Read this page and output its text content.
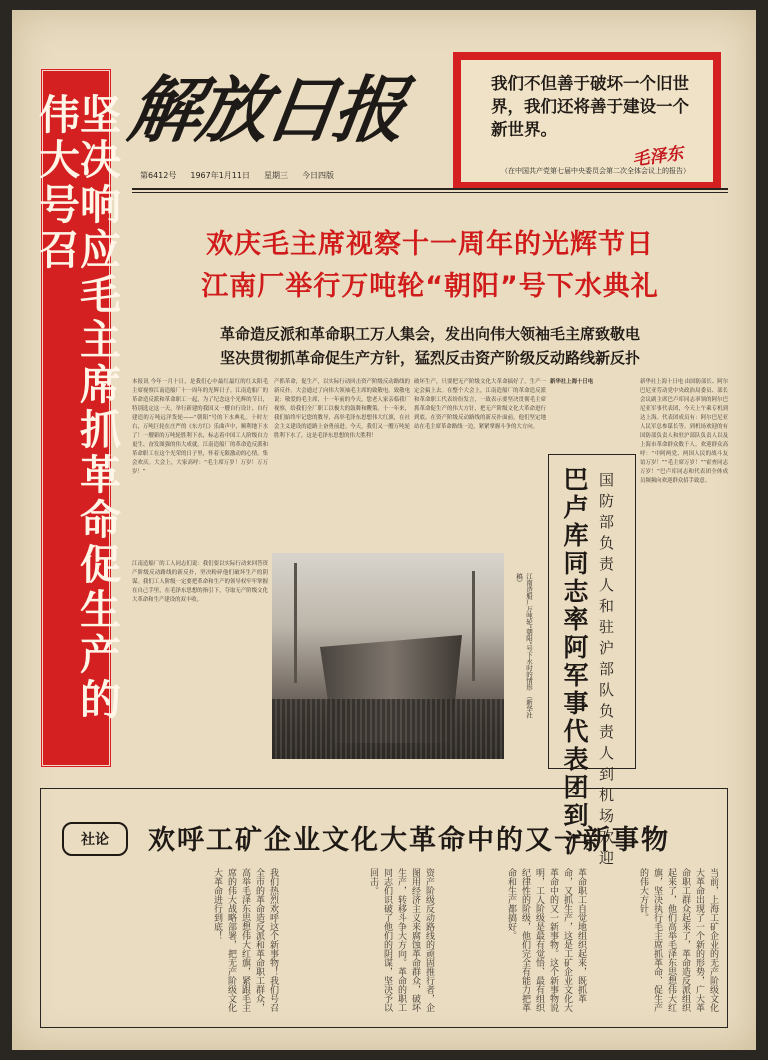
坚决响应毛主席抓革命促生产的伟大号召 解放日报
第6412号 1967年1月11日 星期三 今日四版
我们不但善于破坏一个旧世界，我们还将善于建设一个新世界。
毛泽东
（在中国共产党第七届中央委员会第二次全体会议上的报告）
欢庆毛主席视察十一周年的光辉节日
江南厂举行万吨轮“朝阳”号下水典礼
革命造反派和革命职工万人集会，发出向伟大领袖毛主席致敬电
坚决贯彻抓革命促生产方针，猛烈反击资产阶级反动路线新反扑
本报讯 今年一月十日，是我们心中最红最红的红太阳毛主席视察江南造船厂十一周年的光辉日子。江南造船厂的革命造反派和革命职工一起，为了纪念这个光辉的节日，特别选定这一天，举行新建的我国又一艘自行设计、自行建造的万吨远洋货轮——“朝阳”号的下水典礼。十时左右，万吨巨轮在庄严的《东方红》乐曲声中，顺利地下水了！一艘新的万吨轮胜利下水，标志着中国工人阶级自力更生、奋发图强的伟大成就。江南造船厂的革命造反派和革命职工在这个光荣的日子里，怀着无限激动的心情，集会欢庆。大会上，大家高呼：“毛主席万岁！万岁！万万岁！”
产抓革命，促生产，以实际行动回击资产阶级反动路线的新反扑。大会通过了向伟大领袖毛主席的致敬电。致敬电说：敬爱的毛主席，十一年前的今天，您老人家亲临我厂视察，给我们全厂职工以极大的鼓舞和鞭策。十一年来，我们始终牢记您的教导，高举毛泽东思想伟大红旗，在社会主义建设的道路上奋勇前进。今天，我们又一艘万吨轮胜利下水了，这是毛泽东思想的伟大胜利！
破坏生产，只要把无产阶级文化大革命搞好了，生产一定会搞上去。在整个大会上，江南造船厂的革命造反派和革命职工代表纷纷发言，一致表示要坚决贯彻毛主席抓革命促生产的伟大方针，把无产阶级文化大革命进行到底。在资产阶级反动路线的新反扑面前，他们坚定地站在毛主席革命路线一边，紧紧掌握斗争的大方向。
江南造船厂的工人同志们说：我们要以实际行动来回答资产阶级反动路线的新反扑，坚决粉碎他们破坏生产的阴谋。我们工人阶级一定要把革命和生产的领导权牢牢掌握在自己手里，在毛泽东思想的指引下，夺取无产阶级文化大革命和生产建设的双丰收。	江南造船厂万吨轮“朝阳”号下水时的情形 （新华社稿）	巴卢库同志率阿军事代表团到沪 国防部负责人和驻沪部队负责人到机场欢迎
新华社上海十日电 由国防部长、阿尔巴尼亚劳动党中央政治局委员、部长会议副主席巴卢库同志率领的阿尔巴尼亚军事代表团，今天上午乘专机到达上海。代表团成员有：阿尔巴尼亚人民军总参谋长等。到机场欢迎的有国防部负责人和驻沪部队负责人以及上海市革命群众数千人。欢迎群众高呼：“中阿两党、两国人民的战斗友谊万岁！”“毛主席万岁！”“霍查同志万岁！”巴卢库同志和代表团全体成员频频向欢迎群众招手致意。
新华社上海十日电
社论	欢呼工矿企业文化大革命中的又一新事物
当前，上海工矿企业的无产阶级文化大革命出现了一个新的形势，广大革命职工群众起来了，革命造反派组织起来了，他们高举毛泽东思想伟大红旗，坚决执行毛主席抓革命、促生产的伟大方针。
革命职工自觉地组织起来，既抓革命，又抓生产，这是工矿企业文化大革命中的又一新事物。这个新事物说明，工人阶级是最有觉悟、最有组织纪律性的阶级，他们完全有能力把革命和生产都搞好。
资产阶级反动路线的顽固推行者，企图用经济主义来腐蚀革命群众，破坏生产，转移斗争大方向。革命的职工同志们识破了他们的阴谋，坚决予以回击。
我们热烈欢呼这个新事物！我们号召全市的革命造反派和革命职工群众，高举毛泽东思想伟大红旗，紧跟毛主席的伟大战略部署，把无产阶级文化大革命进行到底！
